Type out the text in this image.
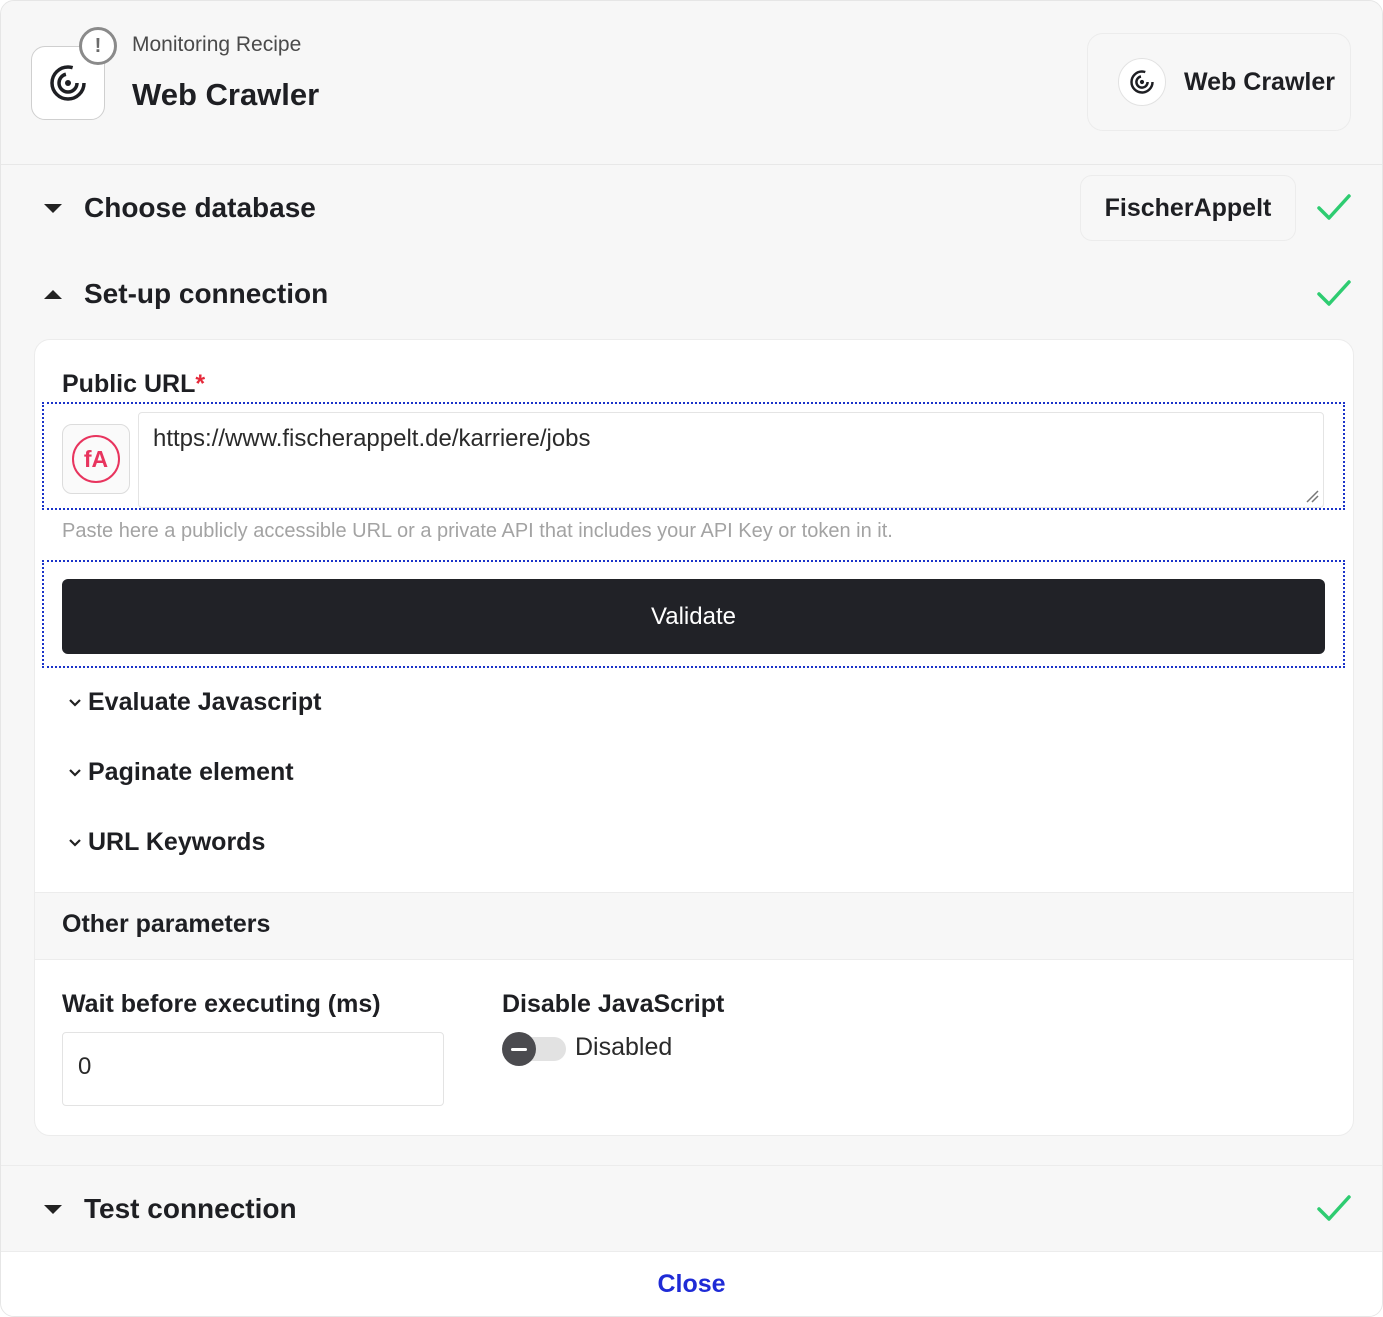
!	Monitoring Recipe
Web Crawler	Web Crawler
Choose database	FischerAppelt
Set-up connection
Public URL*
fA
https://www.fischerappelt.de/karriere/jobs
Paste here a publicly accessible URL or a private API that includes your API Key or token in it.
Validate
Evaluate Javascript
Paginate element
URL Keywords
Other parameters
Wait before executing (ms)
0
Disable JavaScript
Disabled
Test connection
Close
